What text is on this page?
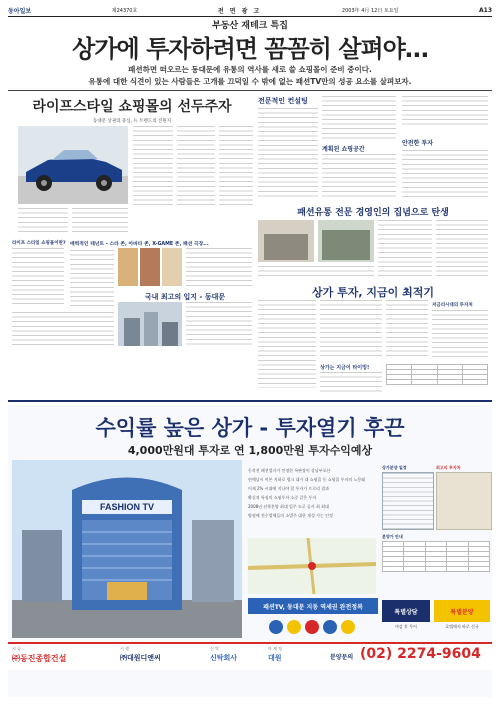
동아일보	제24370호	전 면 광 고	2003年 4月 12日 토요일	A13
부동산 재테크 특집
상가에 투자하려면 꼼꼼히 살펴야…
패션하면 떠오르는 동대문에 유통의 역사를 새로 쓸 쇼핑몰이 준비 중이다.
유통에 대한 식견이 있는 사람들은 고개를 끄덕일 수 밖에 없는 패션TV만의 성공 요소를 살펴보자.
라이프스타일 쇼핑몰의 선두주자
동대문 상권의 중심, 뉴 트렌드의 진원지
라이프 스타일 쇼핑몰이란? 매력적인 테넌트 - 스타 존, 아바타 존, X-GAME 존, 패션 극장...
국내 최고의 입지 - 동대문
전문적인 컨설팅
계획된 쇼핑공간
안전한 투자
패션유통 전문 경영인의 집념으로 탄생
상가 투자, 지금이 최적기
상가는 지금이 타이밍!
저금리시대의 투자처

수익률 높은 상가 - 투자열기 후끈
4,000만원대 투자로 연 1,800만원 투자수익예상
FASHION TV
동작전 패션업자가 인정한 특판장이 강남부포산
연예납시 이본 지하로 링크 대가 대 쇼핑몰 동 쇼핑몰 투자의 노몽래
이제 2% 시대에 지나야 할 투자가 프로리 결과
확실적 특징의 쇼핑투자 소중 같은 투자
2008년 선착분양 최대 입주 도로 공사 최 최대
양점에 전수업체들의 소멸주 대한 개성 가는 인정
상가분양 일정	최고의 투자처
분양가 안내

패션TV, 동대문 지동 역세권 완전정복
특별상담
마감 후 투어
특별분양
호텔에서 바로 신규
시 공
㈜동진종합건설
시 행
㈜대원디앤씨
신 탁
신탁회사
마 케 팅
대원	분양문의 (02) 2274-9604
